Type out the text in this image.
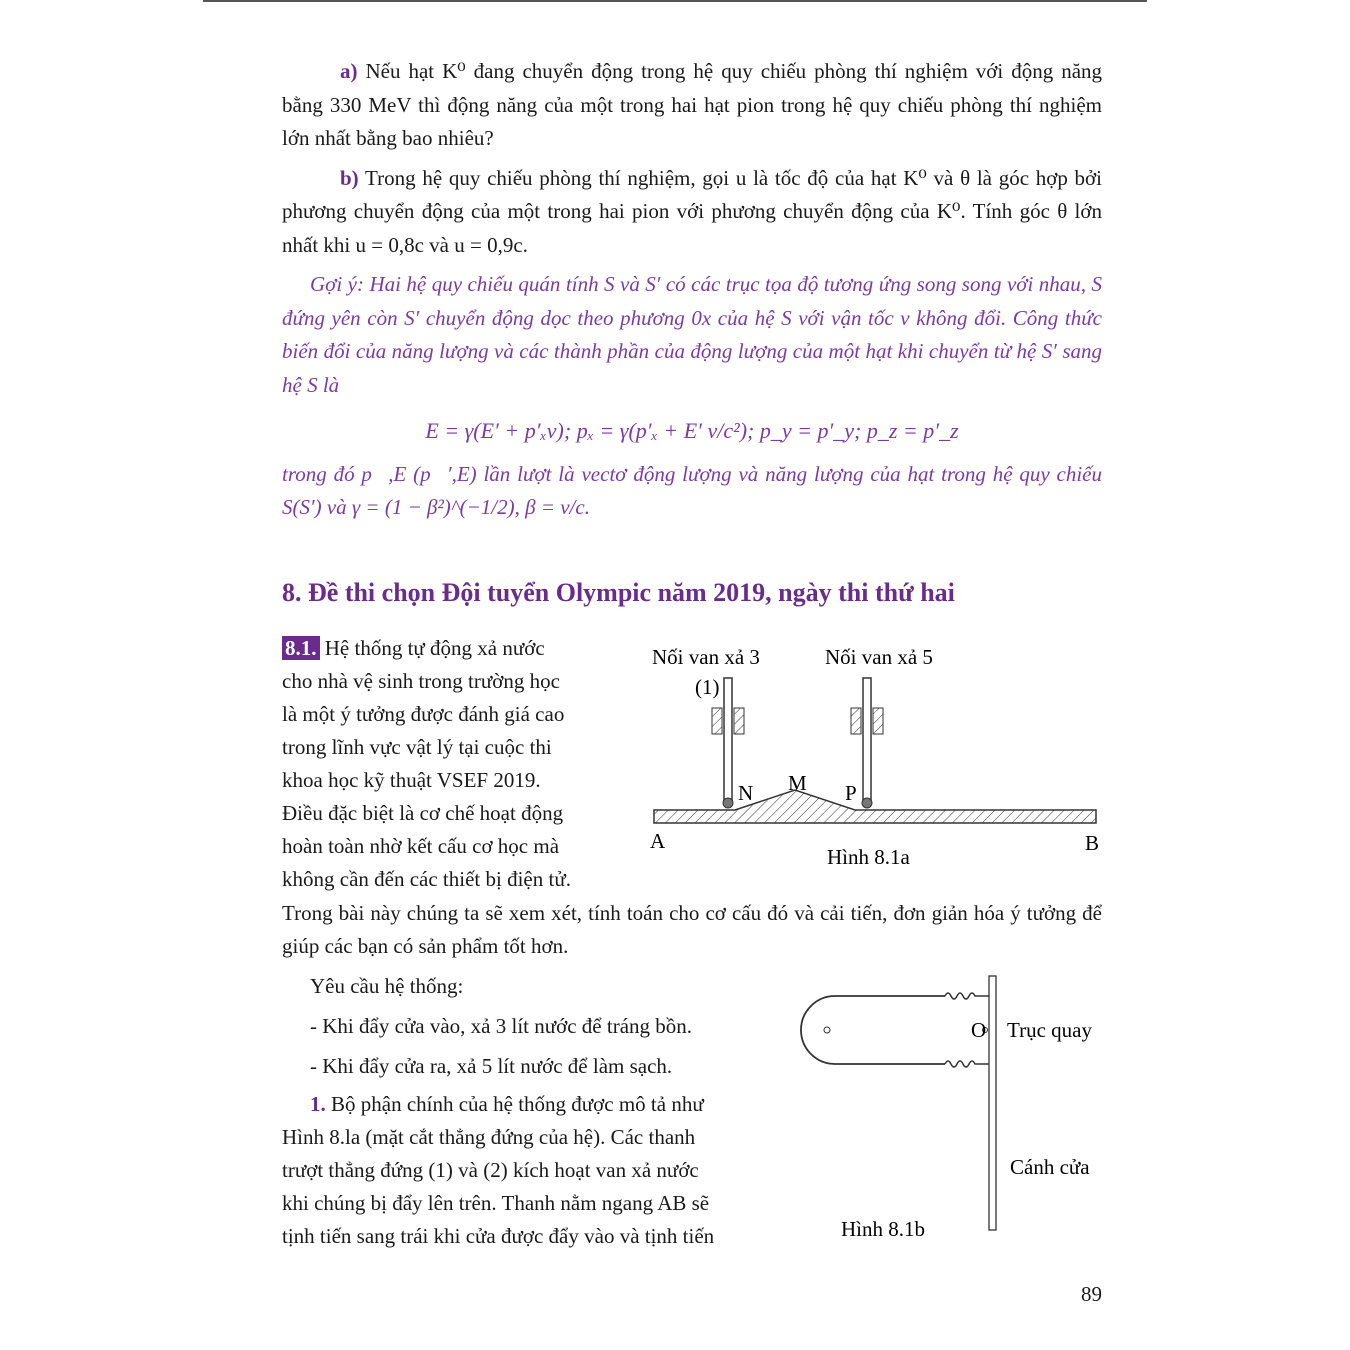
a) Nếu hạt K⁰ đang chuyển động trong hệ quy chiếu phòng thí nghiệm với động năng bằng 330 MeV thì động năng của một trong hai hạt pion trong hệ quy chiếu phòng thí nghiệm lớn nhất bằng bao nhiêu?

b) Trong hệ quy chiếu phòng thí nghiệm, gọi u là tốc độ của hạt K⁰ và θ là góc hợp bởi phương chuyển động của một trong hai pion với phương chuyển động của K⁰. Tính góc θ lớn nhất khi u = 0,8c và u = 0,9c.

Gợi ý: Hai hệ quy chiếu quán tính S và S′ có các trục tọa độ tương ứng song song với nhau, S đứng yên còn S′ chuyển động dọc theo phương 0x của hệ S với vận tốc v không đổi. Công thức biến đổi của năng lượng và các thành phần của động lượng của một hạt khi chuyển từ hệ S′ sang hệ S là

E = γ(E′ + p′ₓv); pₓ = γ(p′ₓ + E′ v/c²); p_y = p′_y; p_z = p′_z

trong đó p⃗,E (p⃗′,E) lần lượt là vectơ động lượng và năng lượng của hạt trong hệ quy chiếu S(S′) và γ = (1 − β²)^(−1/2), β = v/c.

8. Đề thi chọn Đội tuyển Olympic năm 2019, ngày thi thứ hai
8.1. Hệ thống tự động xả nước
cho nhà vệ sinh trong trường học
là một ý tưởng được đánh giá cao
trong lĩnh vực vật lý tại cuộc thi
khoa học kỹ thuật VSEF 2019.
Điều đặc biệt là cơ chế hoạt động
hoàn toàn nhờ kết cấu cơ học mà
không cần đến các thiết bị điện tử.
Trong bài này chúng ta sẽ xem xét, tính toán cho cơ cấu đó và cải tiến, đơn giản hóa ý tưởng để giúp các bạn có sản phẩm tốt hơn.
Yêu cầu hệ thống:
- Khi đẩy cửa vào, xả 3 lít nước để tráng bồn.
- Khi đẩy cửa ra, xả 5 lít nước để làm sạch.
1. Bộ phận chính của hệ thống được mô tả như
Hình 8.la (mặt cắt thẳng đứng của hệ). Các thanh
trượt thẳng đứng (1) và (2) kích hoạt van xả nước
khi chúng bị đẩy lên trên. Thanh nằm ngang AB sẽ
tịnh tiến sang trái khi cửa được đẩy vào và tịnh tiến
Nối van xả 3	Nối van xả 5
(1)
N M P
A	B
Hình 8.1a
O Trục quay
Cánh cửa
Hình 8.1b
89
